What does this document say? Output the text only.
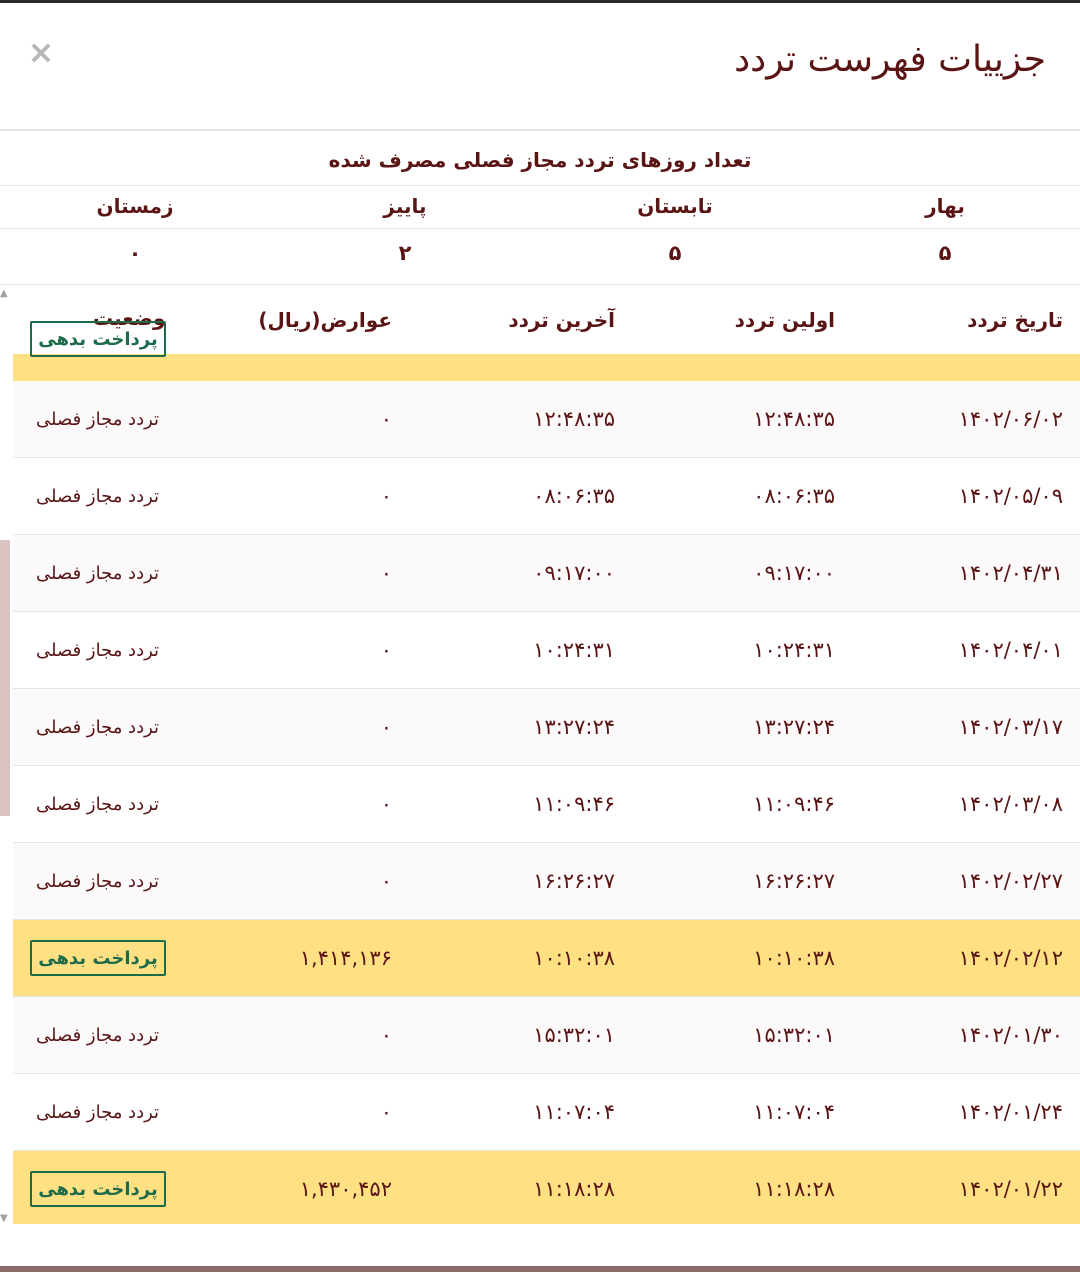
جزییات فهرست تردد
×
تعداد روزهای تردد مجاز فصلی مصرف شده
بهار
تابستان
پاییز
زمستان
۵
۵
۲
۰
▲
▼
تاریخ تردد
اولین تردد
آخرین تردد
عوارض(ریال)
وضعیت
پرداخت بدهی
۱۴۰۲/۰۶/۰۲
۱۲:۴۸:۳۵
۱۲:۴۸:۳۵
۰
تردد مجاز فصلی
۱۴۰۲/۰۵/۰۹
۰۸:۰۶:۳۵
۰۸:۰۶:۳۵
۰
تردد مجاز فصلی
۱۴۰۲/۰۴/۳۱
۰۹:۱۷:۰۰
۰۹:۱۷:۰۰
۰
تردد مجاز فصلی
۱۴۰۲/۰۴/۰۱
۱۰:۲۴:۳۱
۱۰:۲۴:۳۱
۰
تردد مجاز فصلی
۱۴۰۲/۰۳/۱۷
۱۳:۲۷:۲۴
۱۳:۲۷:۲۴
۰
تردد مجاز فصلی
۱۴۰۲/۰۳/۰۸
۱۱:۰۹:۴۶
۱۱:۰۹:۴۶
۰
تردد مجاز فصلی
۱۴۰۲/۰۲/۲۷
۱۶:۲۶:۲۷
۱۶:۲۶:۲۷
۰
تردد مجاز فصلی
۱۴۰۲/۰۲/۱۲
۱۰:۱۰:۳۸
۱۰:۱۰:۳۸
۱,۴۱۴,۱۳۶
پرداخت بدهی
۱۴۰۲/۰۱/۳۰
۱۵:۳۲:۰۱
۱۵:۳۲:۰۱
۰
تردد مجاز فصلی
۱۴۰۲/۰۱/۲۴
۱۱:۰۷:۰۴
۱۱:۰۷:۰۴
۰
تردد مجاز فصلی
۱۴۰۲/۰۱/۲۲
۱۱:۱۸:۲۸
۱۱:۱۸:۲۸
۱,۴۳۰,۴۵۲
پرداخت بدهی
